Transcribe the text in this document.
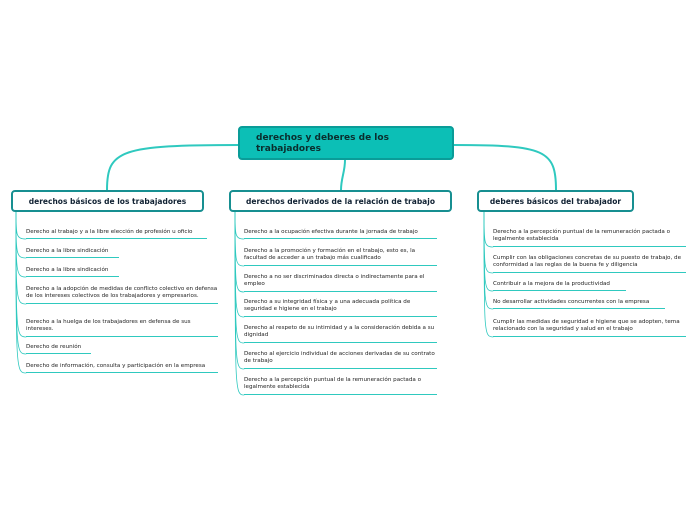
derechos y deberes de los trabajadores
derechos básicos de los trabajadores	derechos derivados de la relación de trabajo	deberes básicos del trabajador
Derecho al trabajo y a la libre elección de profesión u oficio
Derecho a la libre sindicación
Derecho a la libre sindicación
Derecho a la adopción de medidas de conflicto colectivo en defensa de los intereses colectivos de los trabajadores y empresarios.
Derecho a la huelga de los trabajadores en defensa de sus intereses.
Derecho de reunión
Derecho de información, consulta y participación en la empresa
Derecho a la ocupación efectiva durante la jornada de trabajo
Derecho a la promoción y formación en el trabajo, esto es, la facultad de acceder a un trabajo más cualificado
Derecho a no ser discriminados directa o indirectamente para el empleo
Derecho a su integridad física y a una adecuada política de seguridad e higiene en el trabajo
Derecho al respeto de su intimidad y a la consideración debida a su dignidad
Derecho al ejercicio individual de acciones derivadas de su contrato de trabajo
Derecho a la percepción puntual de la remuneración pactada o legalmente establecida
Derecho a la percepción puntual de la remuneración pactada o legalmente establecida
Cumplir con las obligaciones concretas de su puesto de trabajo, de conformidad a las reglas de la buena fe y diligencia
Contribuir a la mejora de la productividad
No desarrollar actividades concurrentes con la empresa
Cumplir las medidas de seguridad e higiene que se adopten, tema relacionado con la seguridad y salud en el trabajo
